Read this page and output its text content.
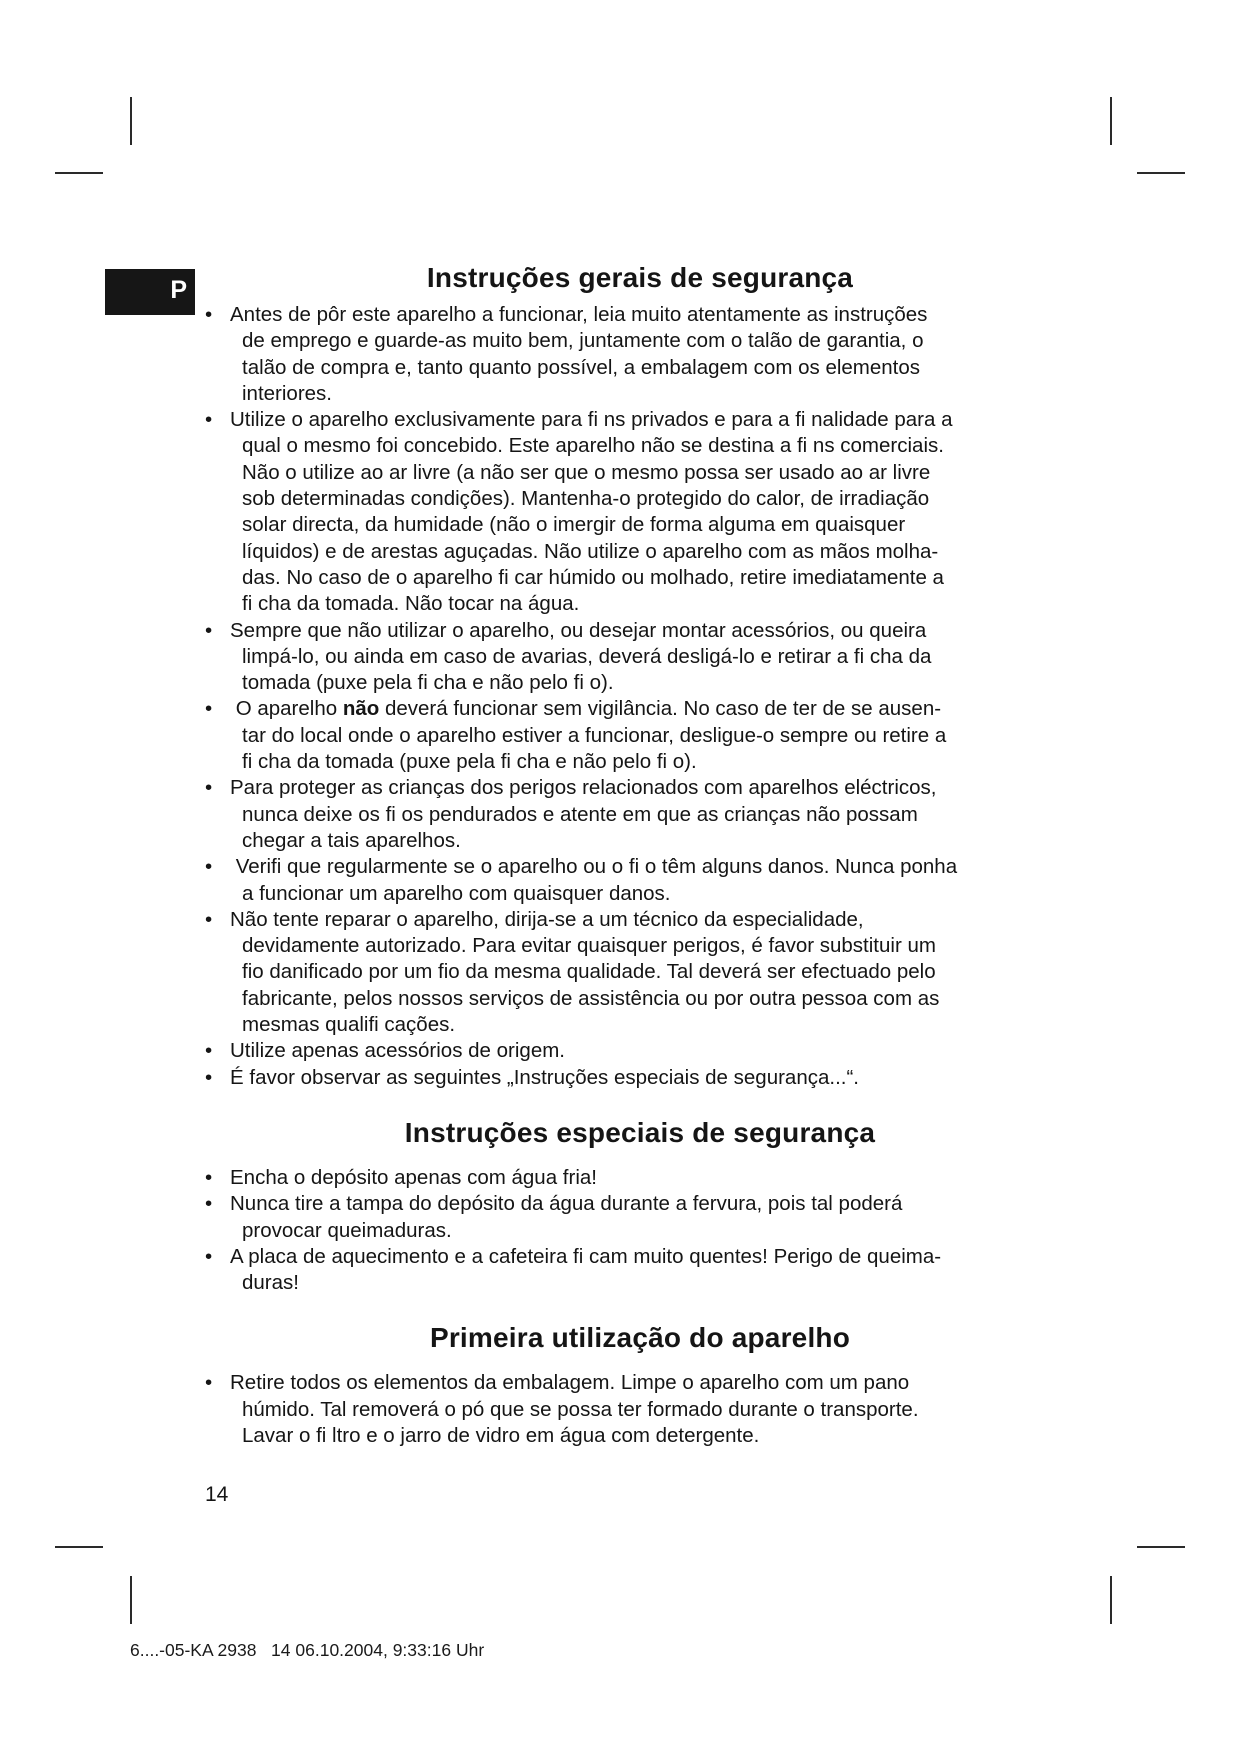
P	Instruções gerais de segurança
• Antes de pôr este aparelho a funcionar, leia muito atentamente as instruções
de emprego e guarde-as muito bem, juntamente com o talão de garantia, o
talão de compra e, tanto quanto possível, a embalagem com os elementos
interiores.
• Utilize o aparelho exclusivamente para fi ns privados e para a fi nalidade para a
qual o mesmo foi concebido. Este aparelho não se destina a fi ns comerciais.
Não o utilize ao ar livre (a não ser que o mesmo possa ser usado ao ar livre
sob determinadas condições). Mantenha-o protegido do calor, de irradiação
solar directa, da humidade (não o imergir de forma alguma em quaisquer
líquidos) e de arestas aguçadas. Não utilize o aparelho com as mãos molha-
das. No caso de o aparelho fi car húmido ou molhado, retire imediatamente a
fi cha da tomada. Não tocar na água.
• Sempre que não utilizar o aparelho, ou desejar montar acessórios, ou queira
limpá-lo, ou ainda em caso de avarias, deverá desligá-lo e retirar a fi cha da
tomada (puxe pela fi cha e não pelo fi o).
•  O aparelho não deverá funcionar sem vigilância. No caso de ter de se ausen-
tar do local onde o aparelho estiver a funcionar, desligue-o sempre ou retire a
fi cha da tomada (puxe pela fi cha e não pelo fi o).
• Para proteger as crianças dos perigos relacionados com aparelhos eléctricos,
nunca deixe os fi os pendurados e atente em que as crianças não possam
chegar a tais aparelhos.
•  Verifi que regularmente se o aparelho ou o fi o têm alguns danos. Nunca ponha
a funcionar um aparelho com quaisquer danos.
• Não tente reparar o aparelho, dirija-se a um técnico da especialidade,
devidamente autorizado. Para evitar quaisquer perigos, é favor substituir um
fio danificado por um fio da mesma qualidade. Tal deverá ser efectuado pelo
fabricante, pelos nossos serviços de assistência ou por outra pessoa com as
mesmas qualifi cações.
• Utilize apenas acessórios de origem.
• É favor observar as seguintes „Instruções especiais de segurança...“.
Instruções especiais de segurança
• Encha o depósito apenas com água fria!
• Nunca tire a tampa do depósito da água durante a fervura, pois tal poderá
provocar queimaduras.
• A placa de aquecimento e a cafeteira fi cam muito quentes! Perigo de queima-
duras!
Primeira utilização do aparelho
• Retire todos os elementos da embalagem. Limpe o aparelho com um pano
húmido. Tal removerá o pó que se possa ter formado durante o transporte.
Lavar o fi ltro e o jarro de vidro em água com detergente.
14
6....-05-KA 2938   14 06.10.2004, 9:33:16 Uhr
